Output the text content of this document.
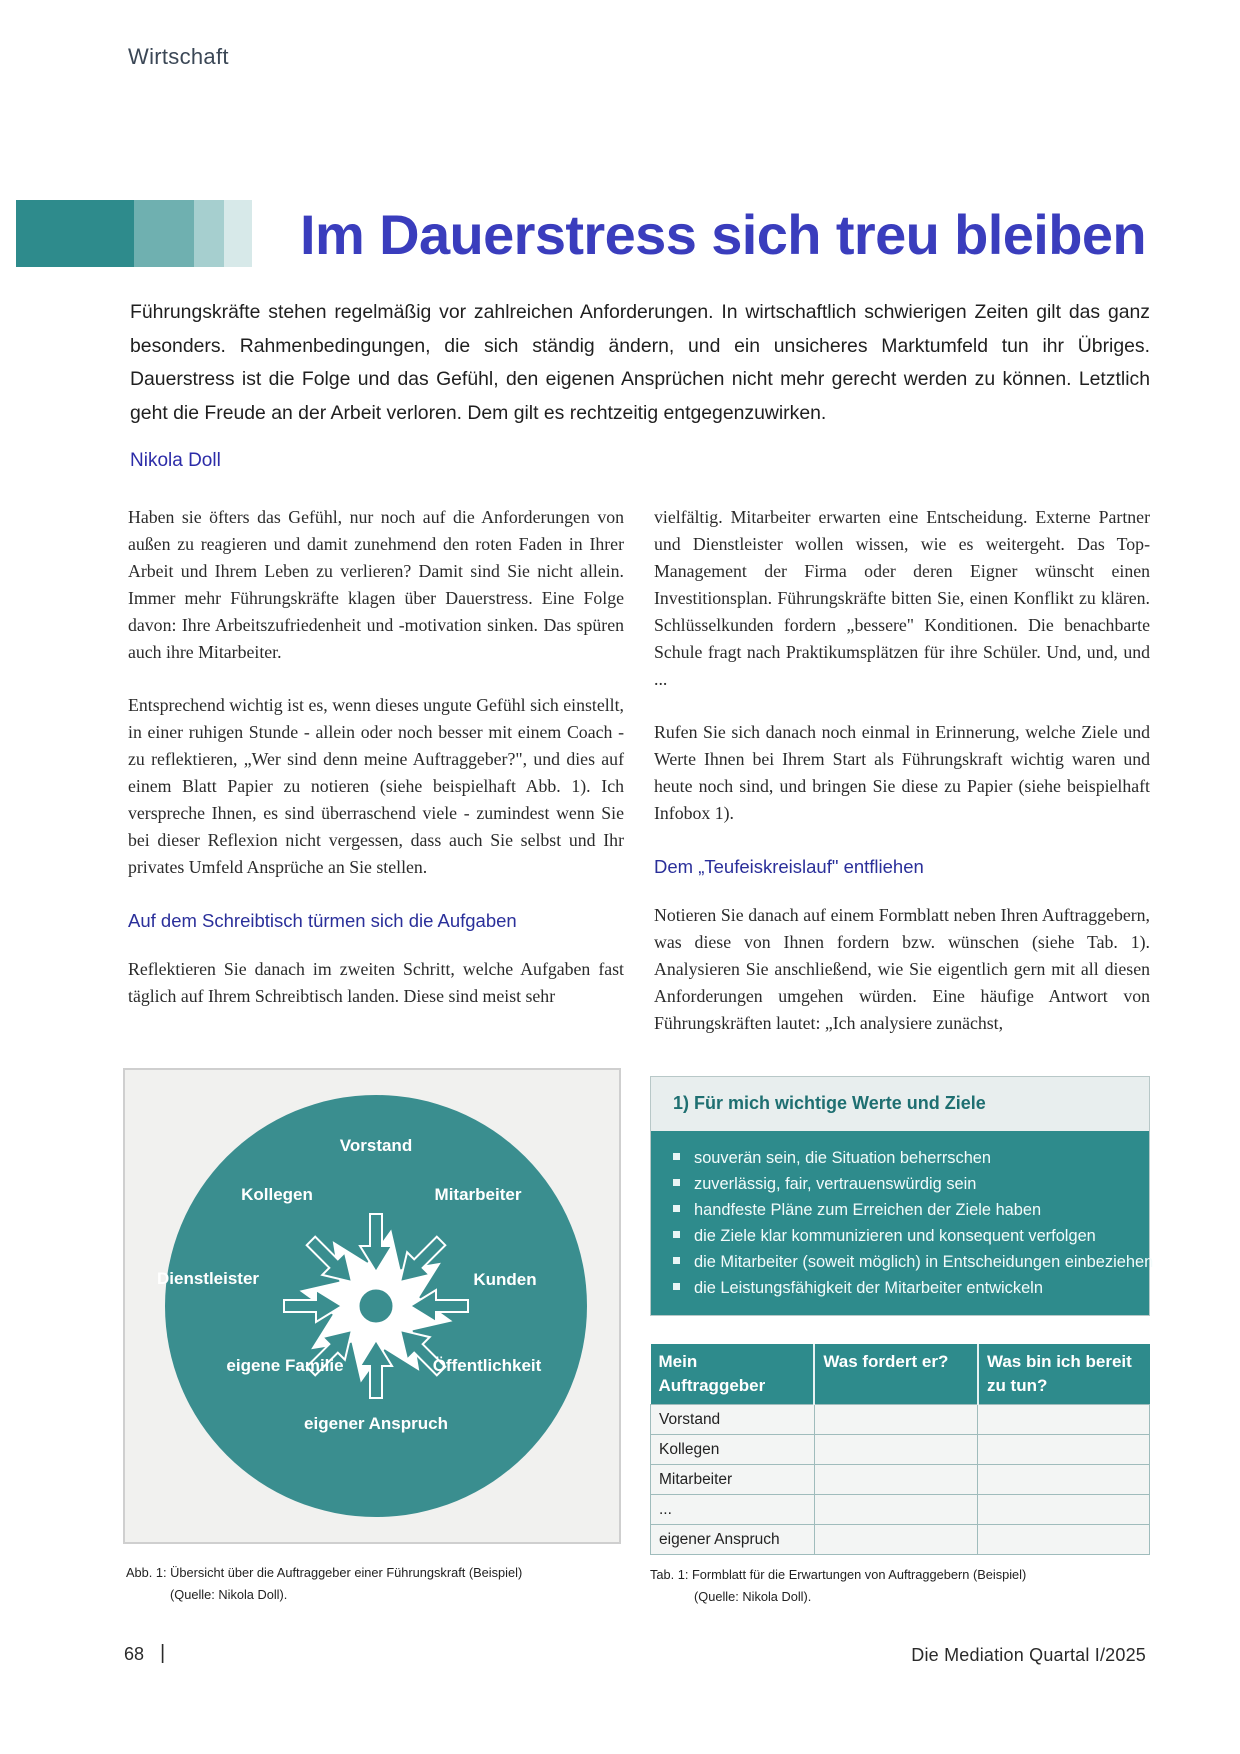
Wirtschaft
Im Dauerstress sich treu bleiben
Führungskräfte stehen regelmäßig vor zahlreichen Anforderungen. In wirtschaftlich schwierigen Zeiten gilt das ganz besonders. Rahmenbedingungen, die sich ständig ändern, und ein unsicheres Marktumfeld tun ihr Übriges. Dauerstress ist die Folge und das Gefühl, den eigenen Ansprüchen nicht mehr gerecht werden zu können. Letztlich geht die Freude an der Arbeit verloren. Dem gilt es rechtzeitig entgegenzuwirken.
Nikola Doll

Haben sie öfters das Gefühl, nur noch auf die Anforderungen von außen zu reagieren und damit zunehmend den roten Faden in Ihrer Arbeit und Ihrem Leben zu verlieren? Damit sind Sie nicht allein. Immer mehr Führungskräfte klagen über Dauerstress. Eine Folge davon: Ihre Arbeitszufriedenheit und -motivation sinken. Das spüren auch ihre Mitarbeiter.

Entsprechend wichtig ist es, wenn dieses ungute Gefühl sich einstellt, in einer ruhigen Stunde - allein oder noch besser mit einem Coach - zu reflektieren, „Wer sind denn meine Auftraggeber?", und dies auf einem Blatt Papier zu notieren (siehe beispielhaft Abb. 1). Ich verspreche Ihnen, es sind überraschend viele - zumindest wenn Sie bei dieser Reflexion nicht vergessen, dass auch Sie selbst und Ihr privates Umfeld Ansprüche an Sie stellen.

Auf dem Schreibtisch türmen sich die Aufgaben

Reflektieren Sie danach im zweiten Schritt, welche Aufgaben fast täglich auf Ihrem Schreibtisch landen. Diese sind meist sehr

vielfältig. Mitarbeiter erwarten eine Entscheidung. Externe Partner und Dienstleister wollen wissen, wie es weitergeht. Das Top-Management der Firma oder deren Eigner wünscht einen Investitionsplan. Führungskräfte bitten Sie, einen Konflikt zu klären. Schlüsselkunden fordern „bessere" Konditionen. Die benachbarte Schule fragt nach Praktikumsplätzen für ihre Schüler. Und, und, und ...

Rufen Sie sich danach noch einmal in Erinnerung, welche Ziele und Werte Ihnen bei Ihrem Start als Führungskraft wichtig waren und heute noch sind, und bringen Sie diese zu Papier (siehe beispielhaft Infobox 1).

Dem „Teufeiskreislauf" entfliehen

Notieren Sie danach auf einem Formblatt neben Ihren Auftraggebern, was diese von Ihnen fordern bzw. wünschen (siehe Tab. 1). Analysieren Sie anschließend, wie Sie eigentlich gern mit all diesen Anforderungen umgehen würden. Eine häufige Antwort von Führungskräften lautet: „Ich analysiere zunächst,

Vorstand
Kollegen	Mitarbeiter
Dienstleister	Kunden
eigene Familie	Öffentlichkeit
eigener Anspruch
Abb. 1: Übersicht über die Auftraggeber einer Führungskraft (Beispiel)
(Quelle: Nikola Doll).
1) Für mich wichtige Werte und Ziele
souverän sein, die Situation beherrschen
zuverlässig, fair, vertrauenswürdig sein
handfeste Pläne zum Erreichen der Ziele haben
die Ziele klar kommunizieren und konsequent verfolgen
die Mitarbeiter (soweit möglich) in Entscheidungen einbeziehen
die Leistungsfähigkeit der Mitarbeiter entwickeln
Mein Auftraggeber	Was fordert er?	Was bin ich bereit zu tun?
Vorstand		
Kollegen		
Mitarbeiter		
...		
eigener Anspruch		
Tab. 1: Formblatt für die Erwartungen von Auftraggebern (Beispiel)
(Quelle: Nikola Doll).
68 |	Die Mediation Quartal I/2025
